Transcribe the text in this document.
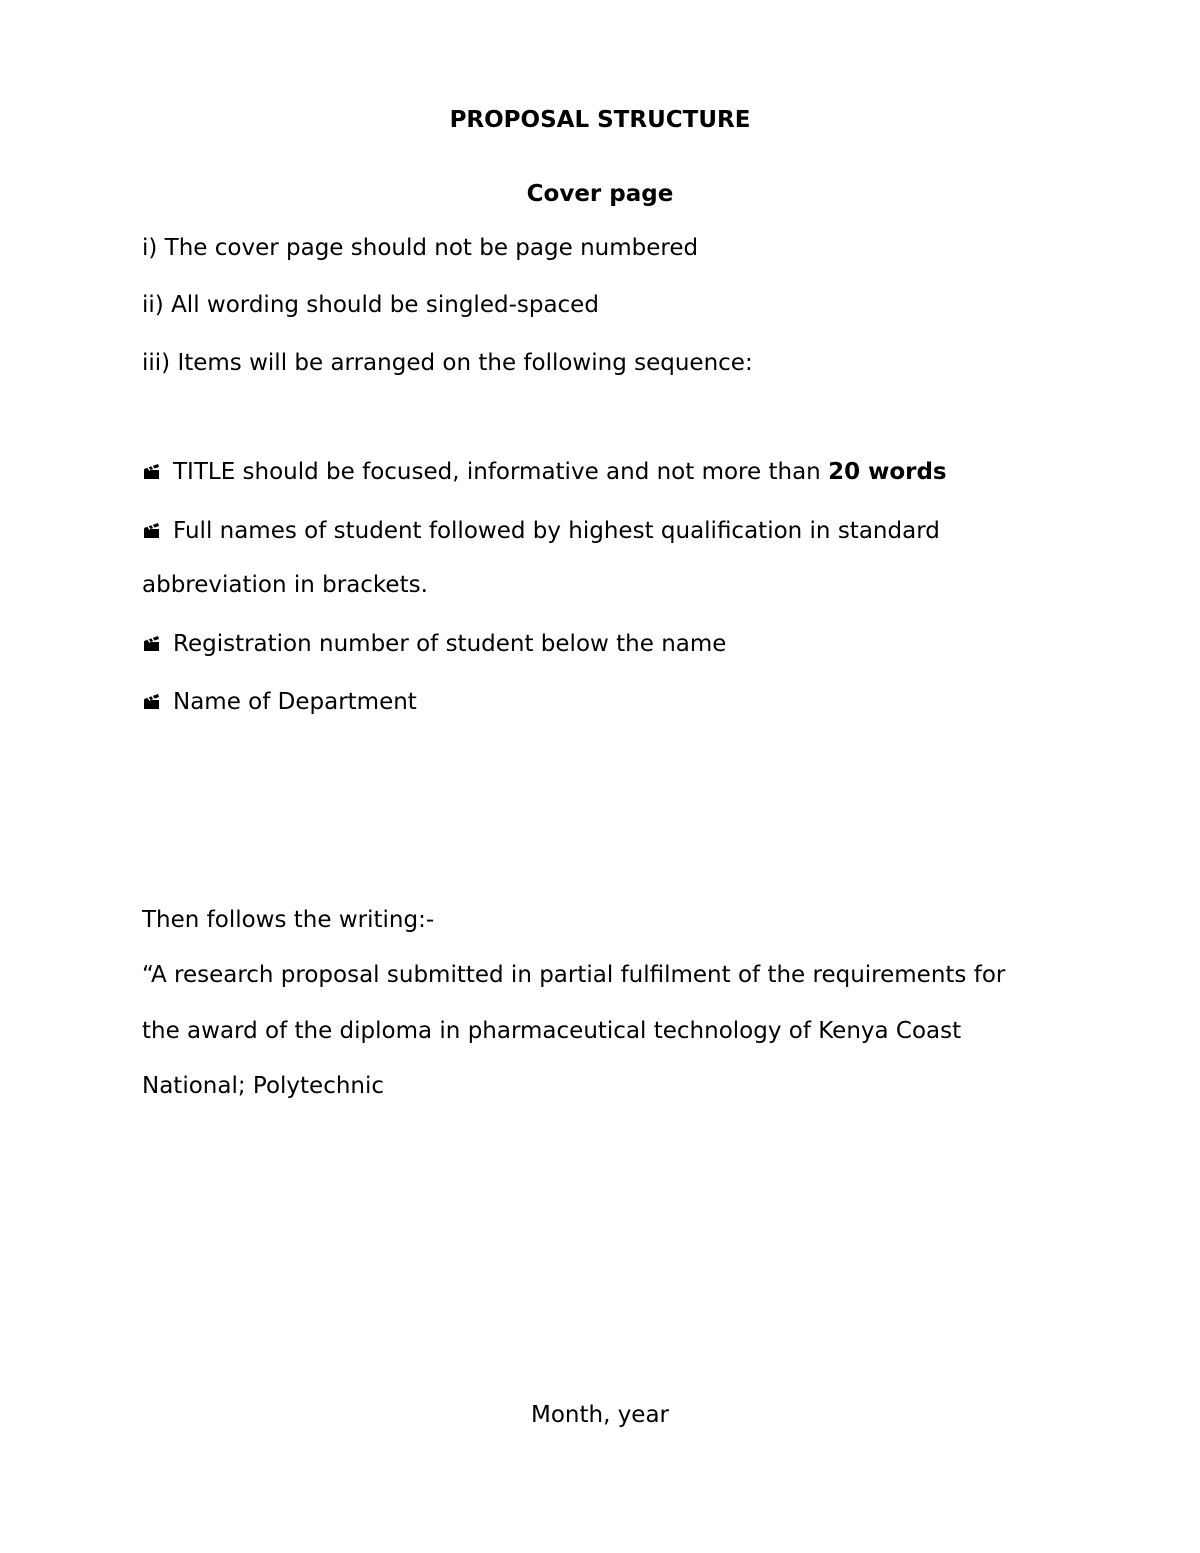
PROPOSAL STRUCTURE
Cover page
i) The cover page should not be page numbered
ii) All wording should be singled-spaced
iii) Items will be arranged on the following sequence:
TITLE should be focused, informative and not more than 20 words
Full names of student followed by highest qualification in standard
abbreviation in brackets.
Registration number of student below the name
Name of Department
Then follows the writing:-
“A research proposal submitted in partial fulfilment of the requirements for
the award of the diploma in pharmaceutical technology of Kenya Coast
National; Polytechnic
Month, year
